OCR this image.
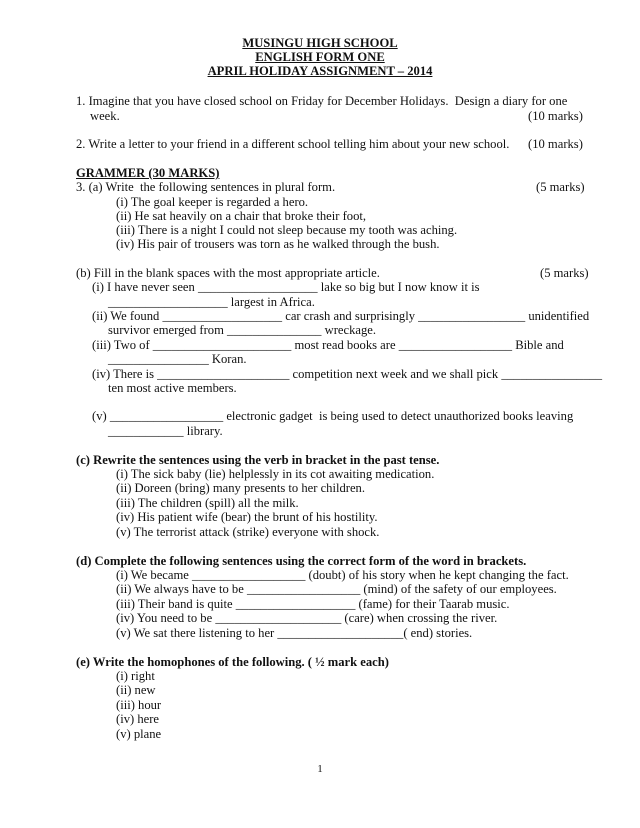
MUSINGU HIGH SCHOOL
ENGLISH FORM ONE
APRIL HOLIDAY ASSIGNMENT – 2014
1. Imagine that you have closed school on Friday for December Holidays.  Design a diary for one
week.	(10 marks)
2. Write a letter to your friend in a different school telling him about your new school. (10 marks)
GRAMMER (30 MARKS)
3. (a) Write  the following sentences in plural form.	(5 marks)
(i) The goal keeper is regarded a hero.
(ii) He sat heavily on a chair that broke their foot,
(iii) There is a night I could not sleep because my tooth was aching.
(iv) His pair of trousers was torn as he walked through the bush.
(b) Fill in the blank spaces with the most appropriate article.	(5 marks)
(i) I have never seen ___________________ lake so big but I now know it is
___________________ largest in Africa.
(ii) We found ___________________ car crash and surprisingly _________________ unidentified
survivor emerged from _______________ wreckage.
(iii) Two of ______________________ most read books are __________________ Bible and
________________ Koran.
(iv) There is _____________________ competition next week and we shall pick ________________
ten most active members.
(v) __________________ electronic gadget  is being used to detect unauthorized books leaving
____________ library.
(c) Rewrite the sentences using the verb in bracket in the past tense.
(i) The sick baby (lie) helplessly in its cot awaiting medication.
(ii) Doreen (bring) many presents to her children.
(iii) The children (spill) all the milk.
(iv) His patient wife (bear) the brunt of his hostility.
(v) The terrorist attack (strike) everyone with shock.
(d) Complete the following sentences using the correct form of the word in brackets.
(i) We became __________________ (doubt) of his story when he kept changing the fact.
(ii) We always have to be __________________ (mind) of the safety of our employees.
(iii) Their band is quite ___________________ (fame) for their Taarab music.
(iv) You need to be ____________________ (care) when crossing the river.
(v) We sat there listening to her ____________________( end) stories.
(e) Write the homophones of the following. ( ½ mark each)
(i) right
(ii) new
(iii) hour
(iv) here
(v) plane
1
